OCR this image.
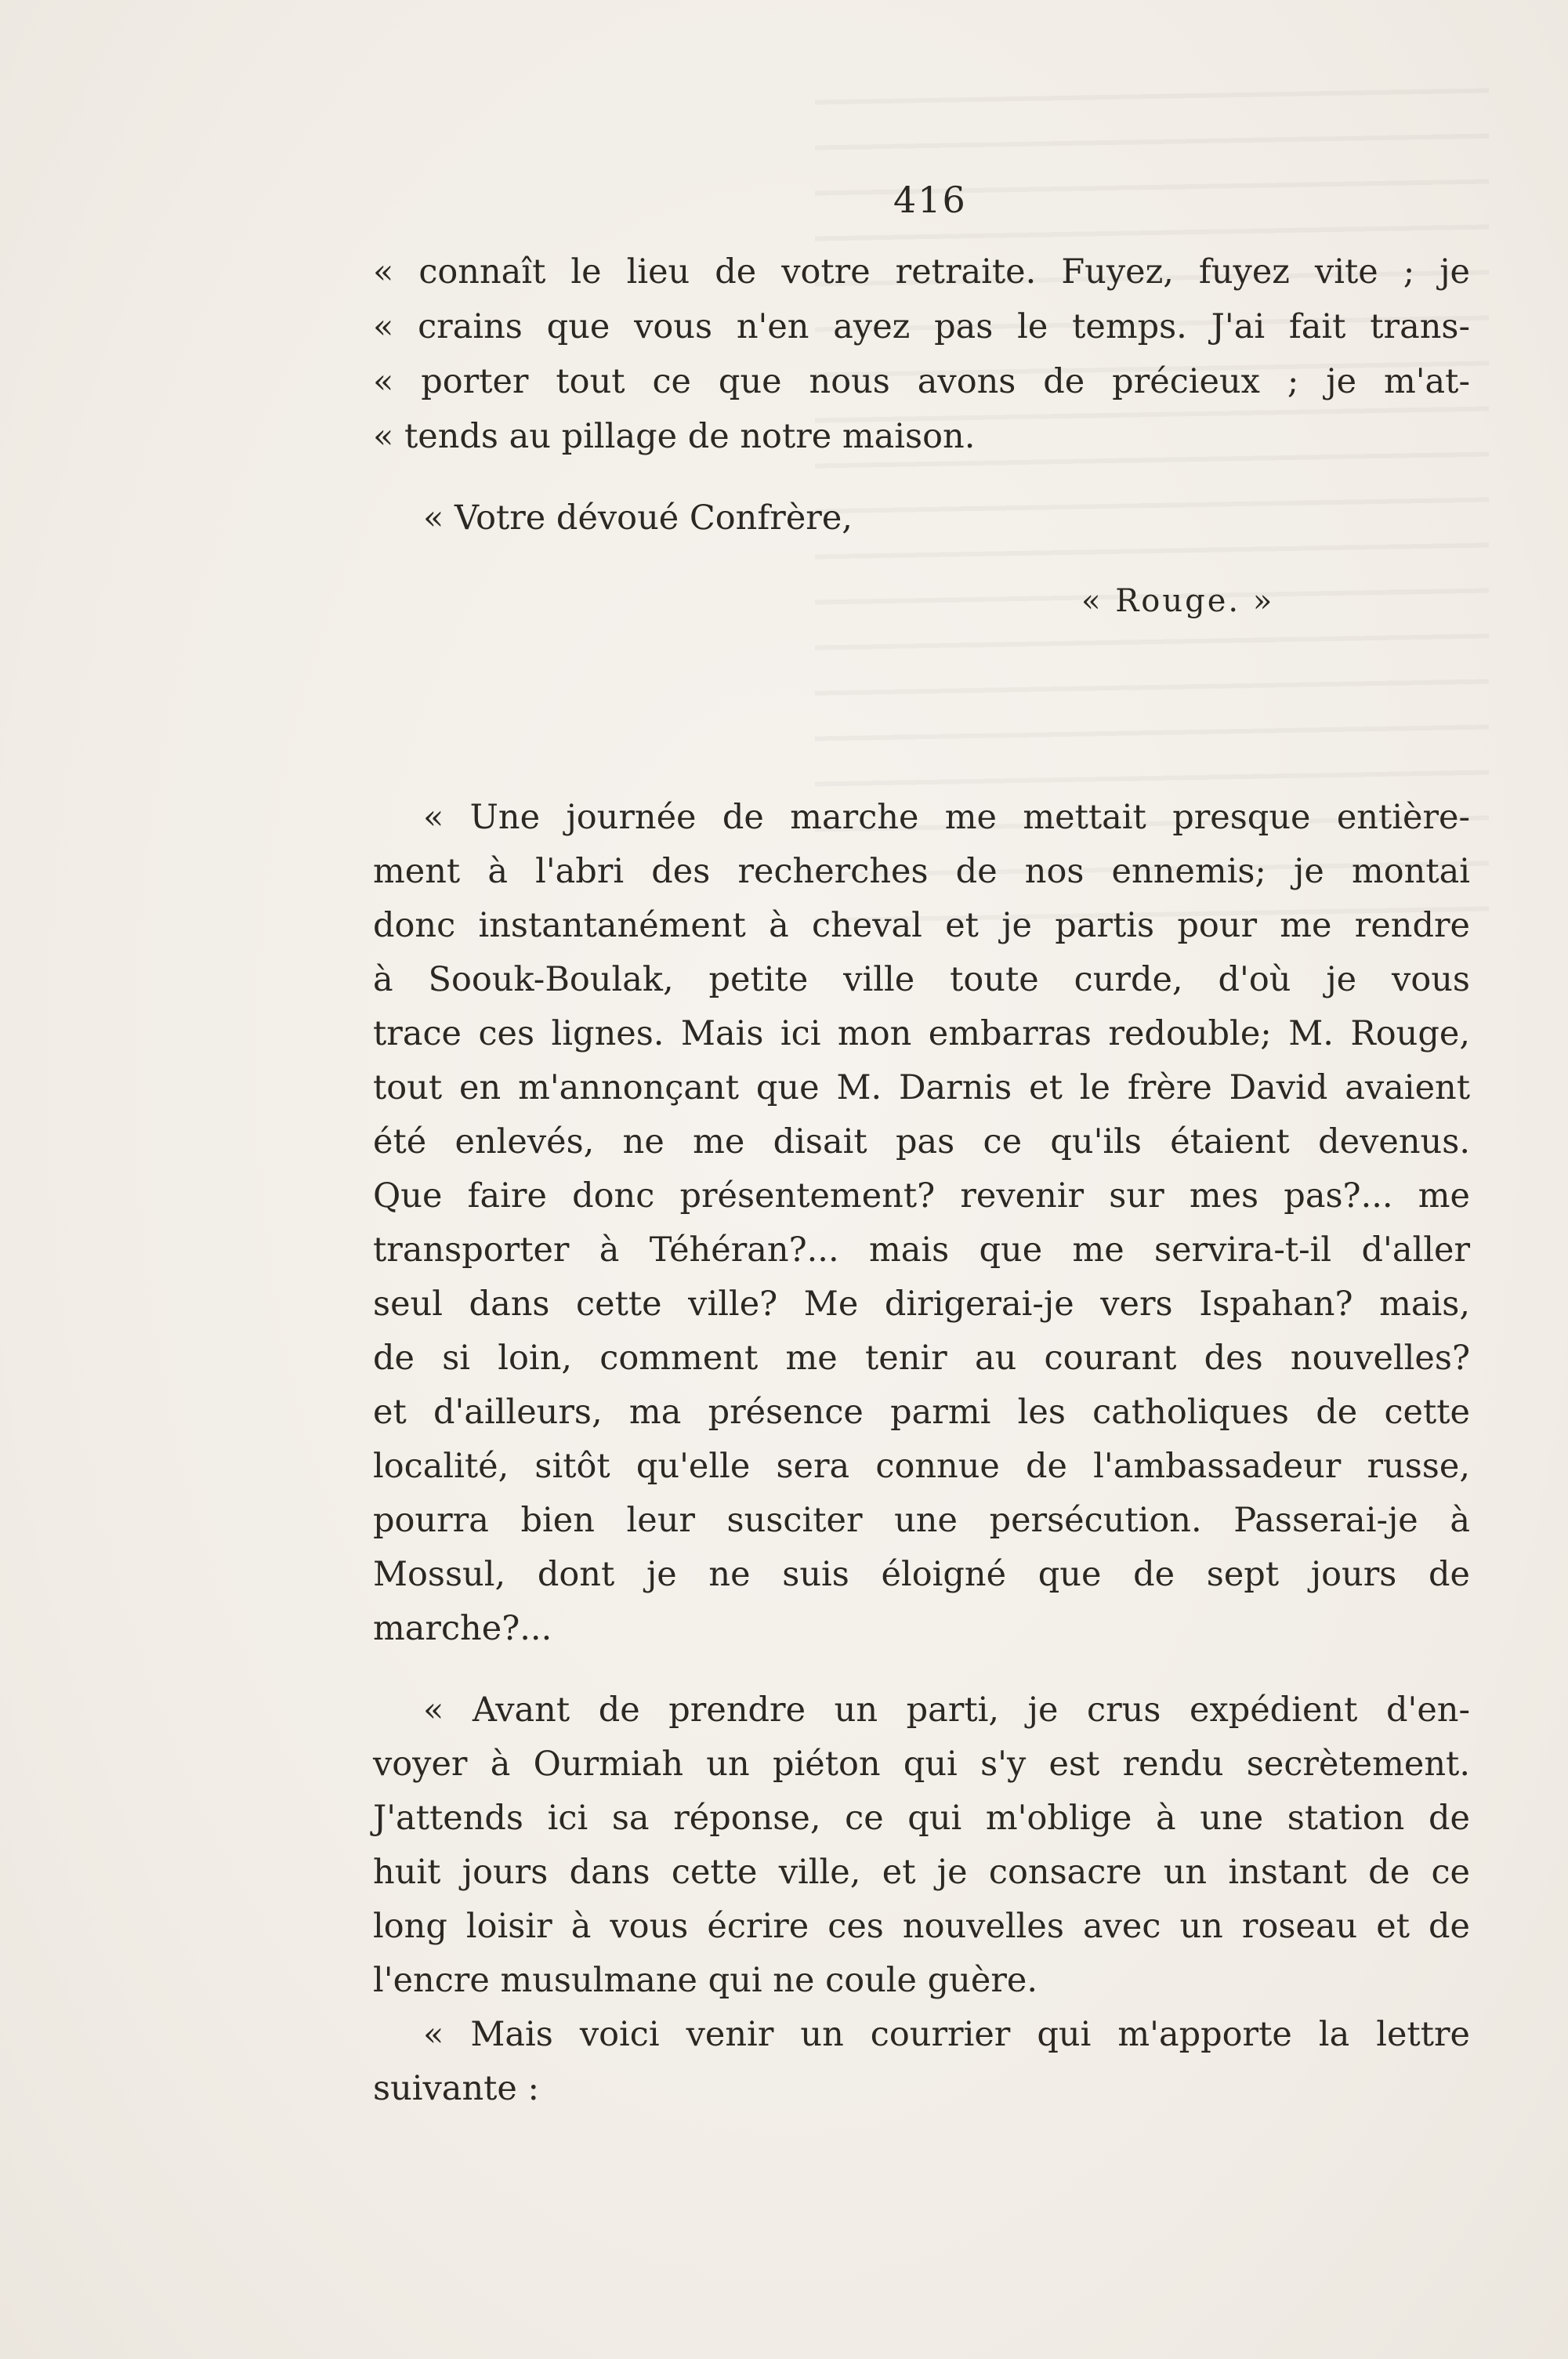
416
« connaît le lieu de votre retraite. Fuyez, fuyez vite ; je
« crains que vous n'en ayez pas le temps. J'ai fait trans-
« porter tout ce que nous avons de précieux ; je m'at-
« tends au pillage de notre maison.
« Votre dévoué Confrère,
« Rouge. »
« Une journée de marche me mettait presque entière-
ment à l'abri des recherches de nos ennemis; je montai
donc instantanément à cheval et je partis pour me rendre
à Soouk-Boulak, petite ville toute curde, d'où je vous
trace ces lignes. Mais ici mon embarras redouble; M. Rouge,
tout en m'annonçant que M. Darnis et le frère David avaient
été enlevés, ne me disait pas ce qu'ils étaient devenus.
Que faire donc présentement? revenir sur mes pas?... me
transporter à Téhéran?... mais que me servira-t-il d'aller
seul dans cette ville? Me dirigerai-je vers Ispahan? mais,
de si loin, comment me tenir au courant des nouvelles?
et d'ailleurs, ma présence parmi les catholiques de cette
localité, sitôt qu'elle sera connue de l'ambassadeur russe,
pourra bien leur susciter une persécution. Passerai-je à
Mossul, dont je ne suis éloigné que de sept jours de
marche?...
« Avant de prendre un parti, je crus expédient d'en-
voyer à Ourmiah un piéton qui s'y est rendu secrètement.
J'attends ici sa réponse, ce qui m'oblige à une station de
huit jours dans cette ville, et je consacre un instant de ce
long loisir à vous écrire ces nouvelles avec un roseau et de
l'encre musulmane qui ne coule guère.
« Mais voici venir un courrier qui m'apporte la lettre
suivante :
